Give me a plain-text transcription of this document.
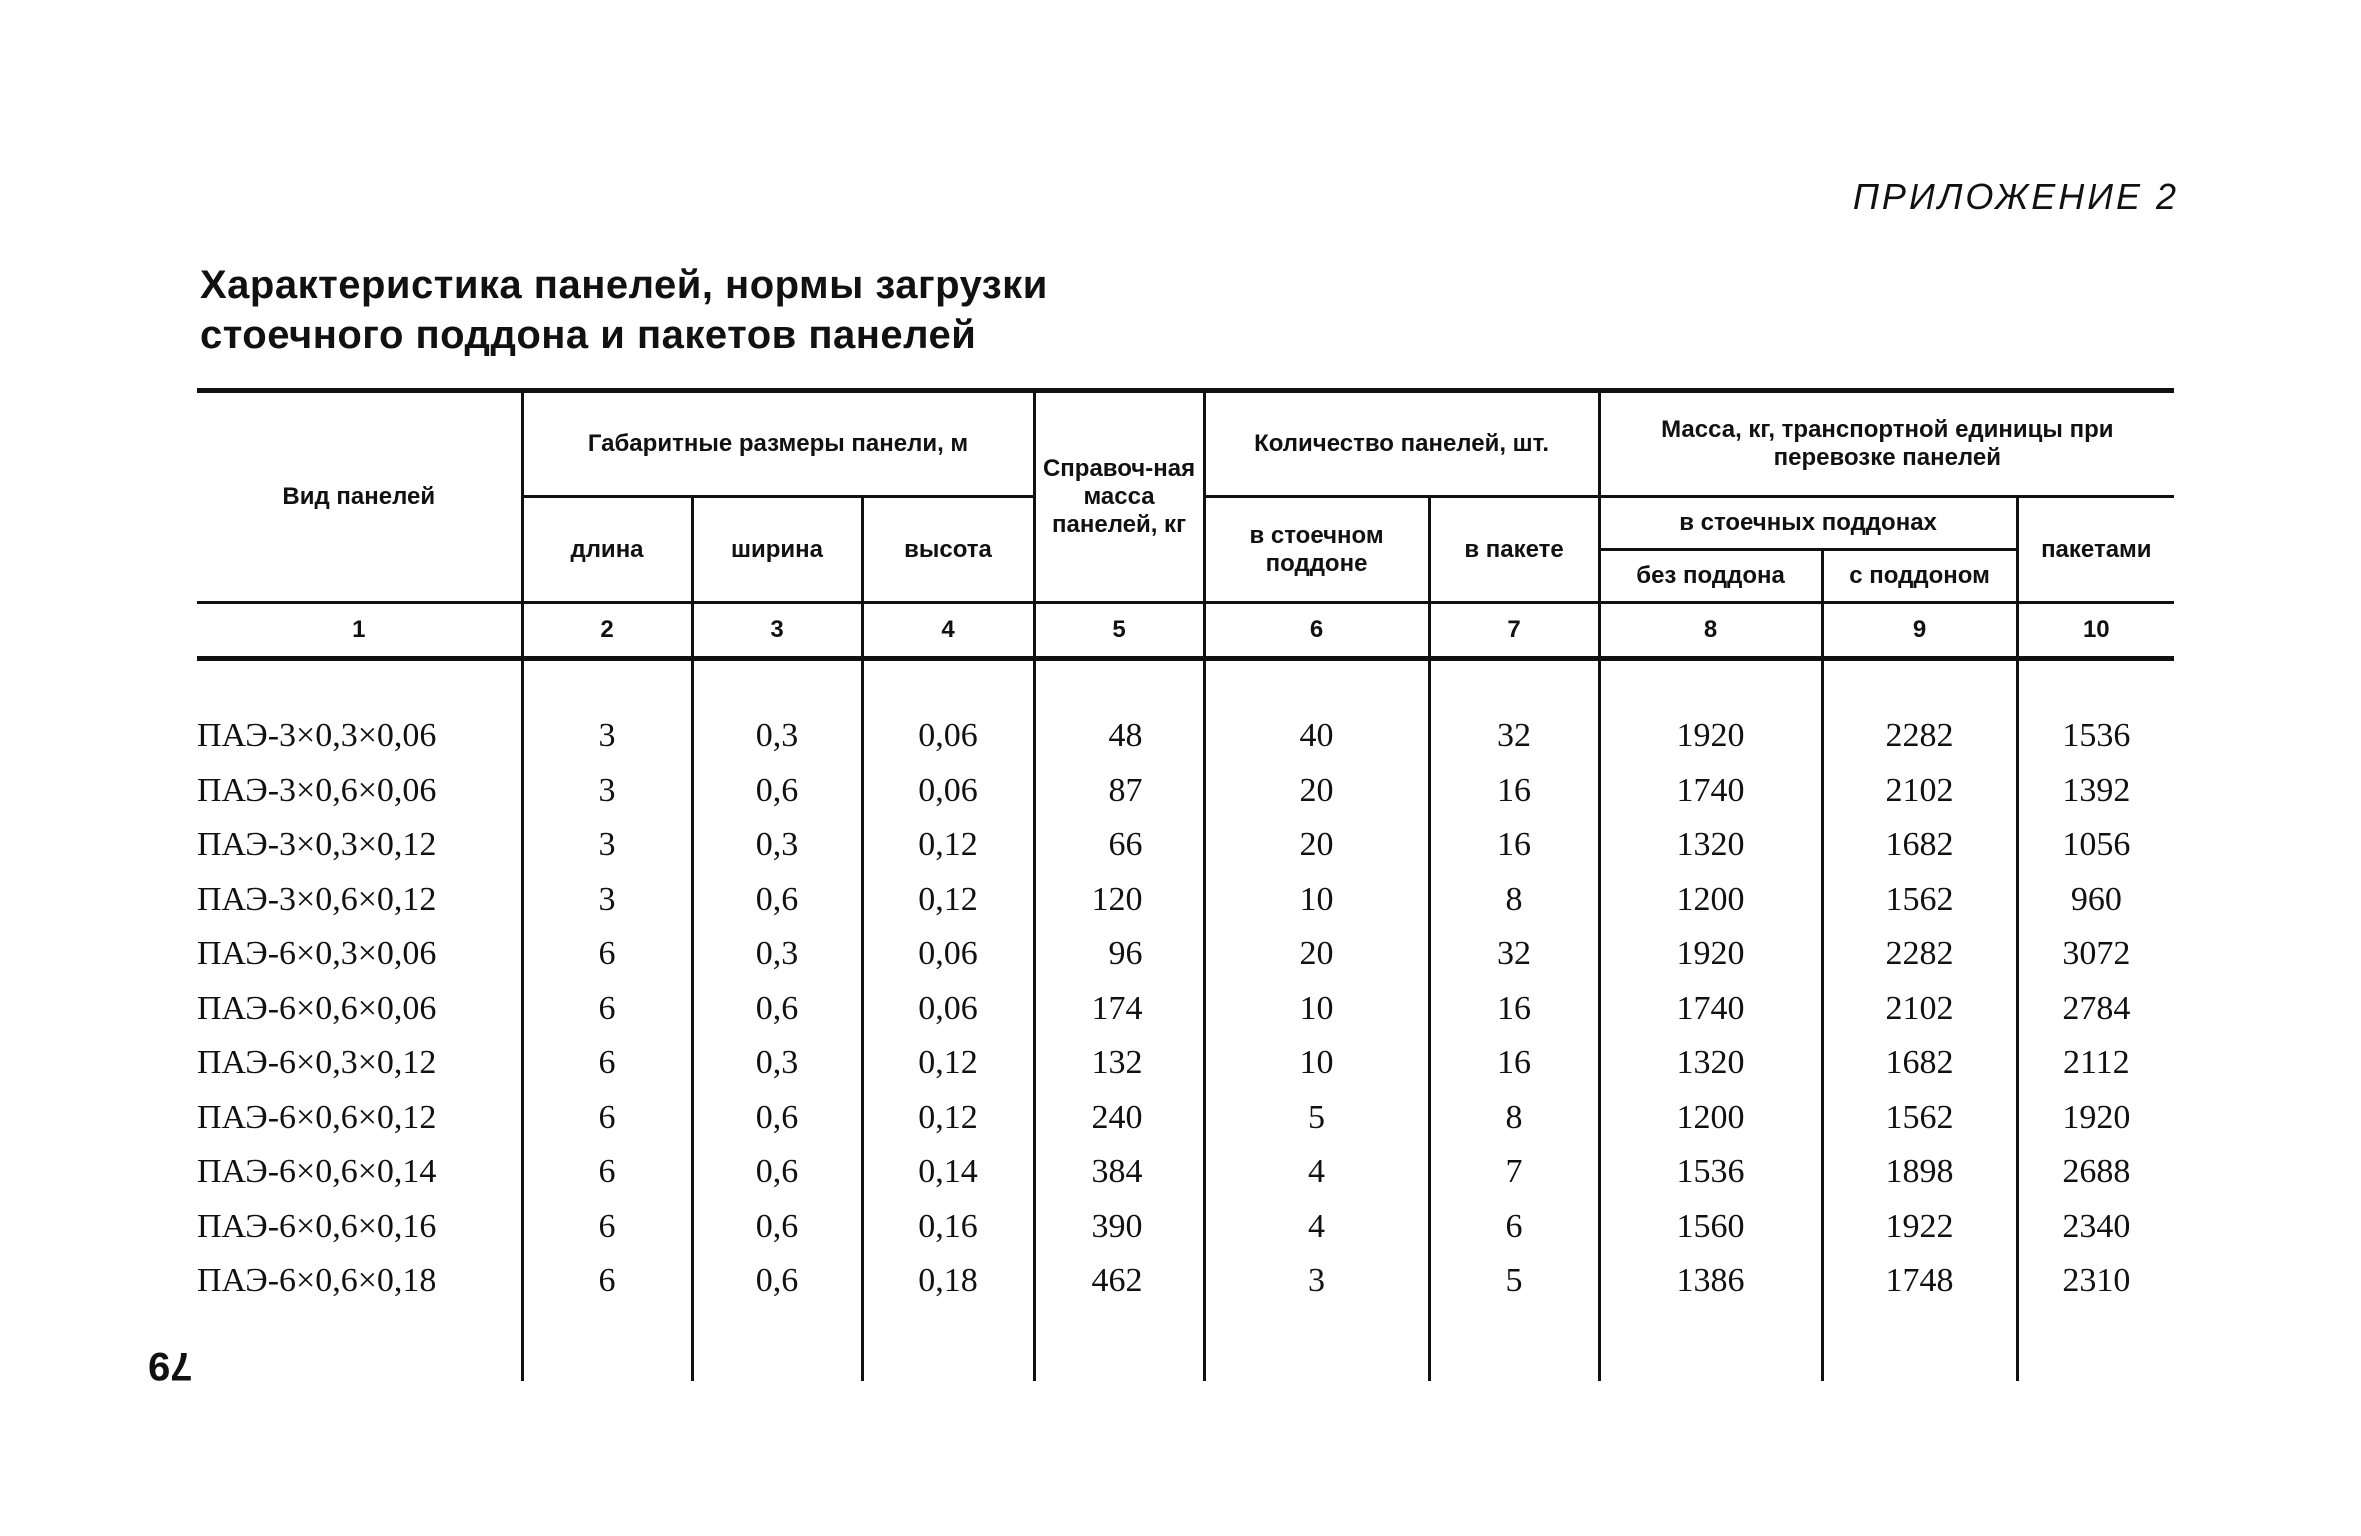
ПРИЛОЖЕНИЕ 2
Характеристика панелей, нормы загрузки
стоечного поддона и пакетов панелей
Вид панелей	Габаритные размеры панели, м			Справоч-ная масса панелей, кг	Количество панелей, шт.		Масса, кг, транспортной единицы при перевозке панелей		
	длина	ширина	высота		в стоечном поддоне	в пакете	в стоечных поддонах		пакетами
							без поддона	с поддоном	
1	2	3	4	5	6	7	8	9	10

ПАЭ-3×0,3×0,06	3	0,3	0,06	48	40	32	1920	2282	1536
ПАЭ-3×0,6×0,06	3	0,6	0,06	87	20	16	1740	2102	1392
ПАЭ-3×0,3×0,12	3	0,3	0,12	66	20	16	1320	1682	1056
ПАЭ-3×0,6×0,12	3	0,6	0,12	120	10	8	1200	1562	960
ПАЭ-6×0,3×0,06	6	0,3	0,06	96	20	32	1920	2282	3072
ПАЭ-6×0,6×0,06	6	0,6	0,06	174	10	16	1740	2102	2784
ПАЭ-6×0,3×0,12	6	0,3	0,12	132	10	16	1320	1682	2112
ПАЭ-6×0,6×0,12	6	0,6	0,12	240	5	8	1200	1562	1920
ПАЭ-6×0,6×0,14	6	0,6	0,14	384	4	7	1536	1898	2688
ПАЭ-6×0,6×0,16	6	0,6	0,16	390	4	6	1560	1922	2340
ПАЭ-6×0,6×0,18	6	0,6	0,18	462	3	5	1386	1748	2310

79
